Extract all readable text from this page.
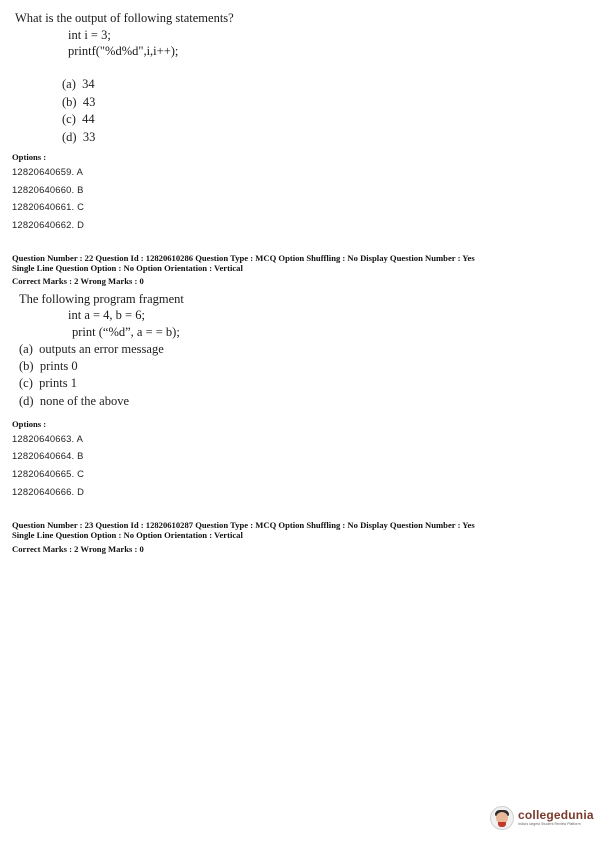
What is the output of following statements?
int i = 3;
printf("%d%d",i,i++);
(a) 34
(b) 43
(c) 44
(d) 33
Options :
12820640659. A
12820640660. B
12820640661. C
12820640662. D
Question Number : 22 Question Id : 12820610286 Question Type : MCQ Option Shuffling : No Display Question Number : Yes
Single Line Question Option : No Option Orientation : Vertical
Correct Marks : 2 Wrong Marks : 0
The following program fragment
int a = 4, b = 6;
print (“%d”, a = = b);
(a) outputs an error message
(b) prints 0
(c) prints 1
(d) none of the above
Options :
12820640663. A
12820640664. B
12820640665. C
12820640666. D
Question Number : 23 Question Id : 12820610287 Question Type : MCQ Option Shuffling : No Display Question Number : Yes
Single Line Question Option : No Option Orientation : Vertical
Correct Marks : 2 Wrong Marks : 0
collegedunia
India's largest Student Review Platform
